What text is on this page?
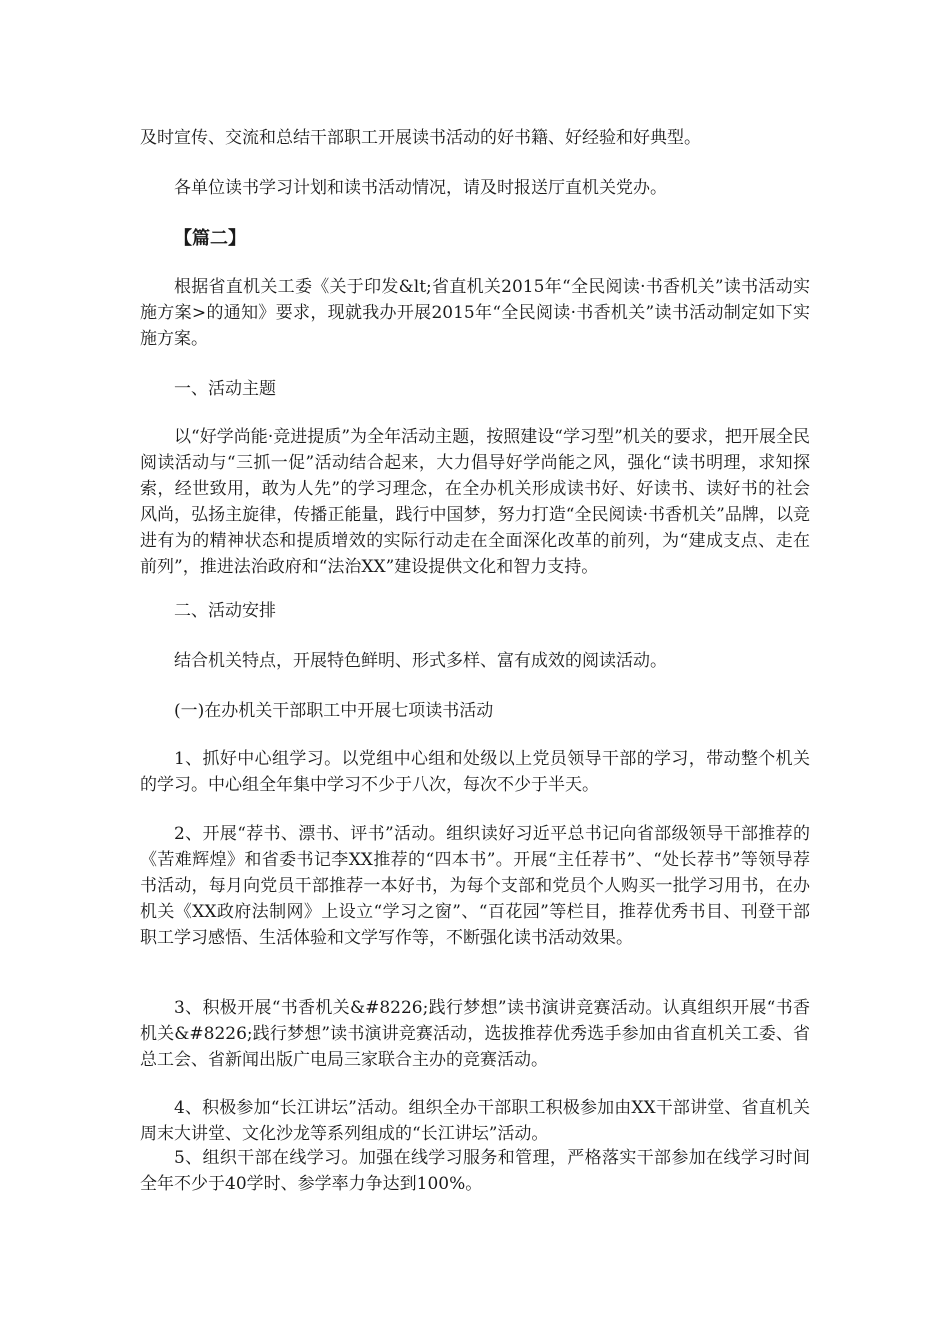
及时宣传、交流和总结干部职工开展读书活动的好书籍、好经验和好典型。

各单位读书学习计划和读书活动情况，请及时报送厅直机关党办。

【篇二】

根据省直机关工委《关于印发&lt;省直机关2015年“全民阅读·书香机关”读书活动实施方案>的通知》要求，现就我办开展2015年“全民阅读·书香机关”读书活动制定如下实施方案。

一、活动主题

以“好学尚能·竞进提质”为全年活动主题，按照建设“学习型”机关的要求，把开展全民阅读活动与“三抓一促”活动结合起来，大力倡导好学尚能之风，强化“读书明理，求知探索，经世致用，敢为人先”的学习理念，在全办机关形成读书好、好读书、读好书的社会风尚，弘扬主旋律，传播正能量，践行中国梦，努力打造“全民阅读·书香机关”品牌，以竞进有为的精神状态和提质增效的实际行动走在全面深化改革的前列，为“建成支点、走在前列”，推进法治政府和“法治XX”建设提供文化和智力支持。

二、活动安排

结合机关特点，开展特色鲜明、形式多样、富有成效的阅读活动。

(一)在办机关干部职工中开展七项读书活动

1、抓好中心组学习。以党组中心组和处级以上党员领导干部的学习，带动整个机关的学习。中心组全年集中学习不少于八次，每次不少于半天。

2、开展“荐书、漂书、评书”活动。组织读好习近平总书记向省部级领导干部推荐的《苦难辉煌》和省委书记李XX推荐的“四本书”。开展“主任荐书”、“处长荐书”等领导荐书活动，每月向党员干部推荐一本好书，为每个支部和党员个人购买一批学习用书，在办机关《XX政府法制网》上设立“学习之窗”、“百花园”等栏目，推荐优秀书目、刊登干部职工学习感悟、生活体验和文学写作等，不断强化读书活动效果。

3、积极开展“书香机关&#8226;践行梦想”读书演讲竞赛活动。认真组织开展“书香机关&#8226;践行梦想”读书演讲竞赛活动，选拔推荐优秀选手参加由省直机关工委、省总工会、省新闻出版广电局三家联合主办的竞赛活动。

4、积极参加“长江讲坛”活动。组织全办干部职工积极参加由XX干部讲堂、省直机关周末大讲堂、文化沙龙等系列组成的“长江讲坛”活动。

5、组织干部在线学习。加强在线学习服务和管理，严格落实干部参加在线学习时间全年不少于40学时、参学率力争达到100%。
